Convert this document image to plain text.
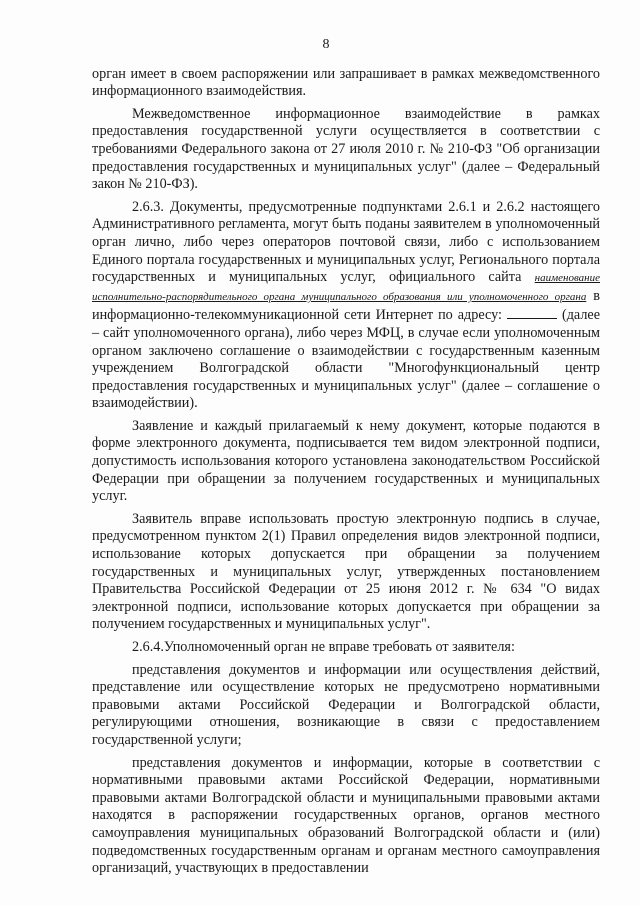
8

орган имеет в своем распоряжении или запрашивает в рамках межведомственного информационного взаимодействия.

Межведомственное информационное взаимодействие в рамках предоставления государственной услуги осуществляется в соответствии с требованиями Федерального закона от 27 июля 2010 г. № 210-ФЗ "Об организации предоставления государственных и муниципальных услуг" (далее – Федеральный закон № 210-ФЗ).

2.6.3. Документы, предусмотренные подпунктами 2.6.1 и 2.6.2 настоящего Административного регламента, могут быть поданы заявителем в уполномоченный орган лично, либо через операторов почтовой связи, либо с использованием Единого портала государственных и муниципальных услуг, Регионального портала государственных и муниципальных услуг, официального сайта наименование исполнительно-распорядительного органа муниципального образования или уполномоченного органа в информационно-телекоммуникационной сети Интернет по адресу:	(далее – сайт уполномоченного органа), либо через МФЦ, в случае если уполномоченным органом заключено соглашение о взаимодействии с государственным казенным учреждением Волгоградской области "Многофункциональный центр предоставления государственных и муниципальных услуг" (далее – соглашение о взаимодействии).

Заявление и каждый прилагаемый к нему документ, которые подаются в форме электронного документа, подписывается тем видом электронной подписи, допустимость использования которого установлена законодательством Российской Федерации при обращении за получением государственных и муниципальных услуг.

Заявитель вправе использовать простую электронную подпись в случае, предусмотренном пунктом 2(1) Правил определения видов электронной подписи, использование которых допускается при обращении за получением государственных и муниципальных услуг, утвержденных постановлением Правительства Российской Федерации от 25 июня 2012 г. № 634 "О видах электронной подписи, использование которых допускается при обращении за получением государственных и муниципальных услуг".

2.6.4.Уполномоченный орган не вправе требовать от заявителя:

представления документов и информации или осуществления действий, представление или осуществление которых не предусмотрено нормативными правовыми актами Российской Федерации и Волгоградской области, регулирующими отношения, возникающие в связи с предоставлением государственной услуги;

представления документов и информации, которые в соответствии с нормативными правовыми актами Российской Федерации, нормативными правовыми актами Волгоградской области и муниципальными правовыми актами находятся в распоряжении государственных органов, органов местного самоуправления муниципальных образований Волгоградской области и (или) подведомственных государственным органам и органам местного самоуправления организаций, участвующих в предоставлении
